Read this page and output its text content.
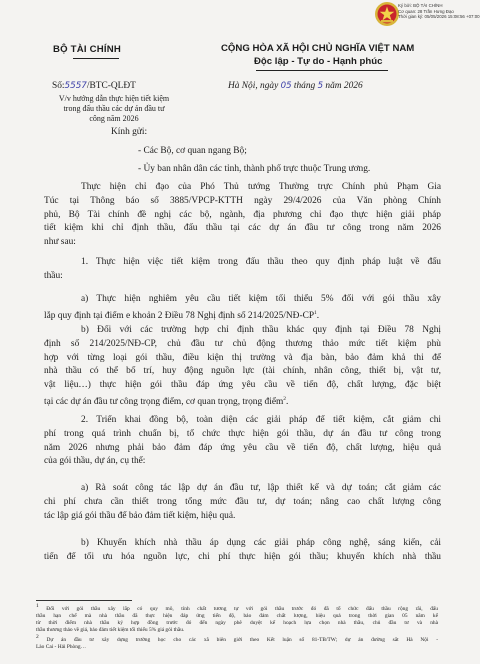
Ký bởi: BỘ TÀI CHÍNH
Cơ quan: 28 Trần Hưng Đạo
Thời gian ký: 05/05/2026 15:08:56 +07:00
BỘ TÀI CHÍNH	CỘNG HÒA XÃ HỘI CHỦ NGHĨA VIỆT NAM
Độc lập - Tự do - Hạnh phúc
Số:5557/BTC-QLĐT
V/v hướng dẫn thực hiện tiết kiệm
trong đấu thầu các dự án đầu tư
công năm 2026
Hà Nội, ngày 05 tháng 5 năm 2026
Kính gửi:
- Các Bộ, cơ quan ngang Bộ;
- Ủy ban nhân dân các tỉnh, thành phố trực thuộc Trung ương.
Thực hiện chỉ đạo của Phó Thủ tướng Thường trực Chính phủ Phạm Gia
Túc tại Thông báo số 3885/VPCP-KTTH ngày 29/4/2026 của Văn phòng Chính
phủ, Bộ Tài chính đề nghị các bộ, ngành, địa phương chỉ đạo thực hiện giải pháp
tiết kiệm khi chỉ định thầu, đấu thầu tại các dự án đầu tư công trong năm 2026
như sau:
1. Thực hiện việc tiết kiệm trong đấu thầu theo quy định pháp luật về đấu
thầu:
a) Thực hiện nghiêm yêu cầu tiết kiệm tối thiểu 5% đối với gói thầu xây
lắp quy định tại điểm e khoản 2 Điều 78 Nghị định số $214/2025/NĐ-CP^1$.
b) Đối với các trường hợp chỉ định thầu khác quy định tại Điều 78 Nghị
định số 214/2025/NĐ-CP, chủ đầu tư chủ động thương thảo mức tiết kiệm phù
hợp với từng loại gói thầu, điều kiện thị trường và địa bàn, bảo đảm khả thi để
nhà thầu có thể bố trí, huy động nguồn lực (tài chính, nhân công, thiết bị, vật tư,
vật liệu…) thực hiện gói thầu đáp ứng yêu cầu về tiến độ, chất lượng, đặc biệt
tại các dự án đầu tư công trọng điểm, cơ quan trọng, trọng điểm$^2$.
2. Triển khai đồng bộ, toàn diện các giải pháp để tiết kiệm, cắt giảm chi
phí trong quá trình chuẩn bị, tổ chức thực hiện gói thầu, dự án đầu tư công trong
năm 2026 nhưng phải bảo đảm đáp ứng yêu cầu về tiến độ, chất lượng, hiệu quả
của gói thầu, dự án, cụ thể:
a) Rà soát công tác lập dự án đầu tư, lập thiết kế và dự toán; cắt giảm các
chi phí chưa cần thiết trong tổng mức đầu tư, dự toán; nâng cao chất lượng công
tác lập giá gói thầu để bảo đảm tiết kiệm, hiệu quả.
b) Khuyến khích nhà thầu áp dụng các giải pháp công nghệ, sáng kiến, cải
tiến để tối ưu hóa nguồn lực, chi phí thực hiện gói thầu; khuyến khích nhà thầu
$^1$ Đối với gói thầu xây lắp có quy mô, tính chất tương tự với gói thầu trước đó đã tổ chức đấu thầu rộng rãi, đấu
thầu hạn chế mà nhà thầu đã thực hiện đáp ứng tiến độ, bảo đảm chất lượng, hiệu quả trong thời gian 05 năm kể
từ thời điểm nhà thầu ký hợp đồng trước đó đến ngày phê duyệt kế hoạch lựa chọn nhà thầu, chủ đầu tư và nhà
thầu thương thảo về giá, bảo đảm tiết kiệm tối thiểu 5% giá gói thầu.
$^2$ Dự án đầu tư xây dựng trường học cho các xã biên giới theo Kết luận số 81-TB/TW; dự án đường sắt Hà Nội -
Lào Cai - Hải Phòng…
